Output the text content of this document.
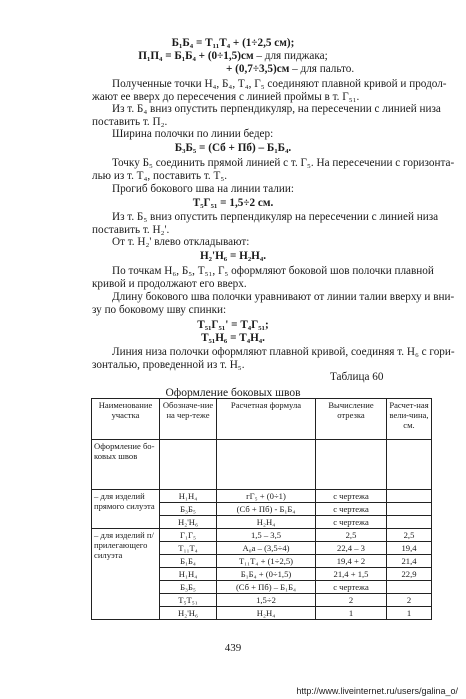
Б₁Б₄ = Т₁₁Т₄ + (1÷2,5 см);
П₁П₄ = Б₁Б₄ + (0÷1,5)см – для пиджака;
+ (0,7÷3,5)см – для пальто.
Полученные точки Н₄, Б₄, Т₄, Г₅ соединяют плавной кривой и продол-
жают ее вверх до пересечения с линией проймы в т. Г₅₁.
Из т. Б₄ вниз опустить перпендикуляр, на пересечении с линией низа
поставить т. П₂.
Ширина полочки по линии бедер:
Б₃Б₅ = (Сб + Пб) – Б₁Б₄.
Точку Б₅ соединить прямой линией с т. Г₅. На пересечении с горизонта-
лью из т. Т₄, поставить т. Т₅.
Прогиб бокового шва на линии талии:
Т₅Г₅₁ = 1,5÷2 см.
Из т. Б₅ вниз опустить перпендикуляр на пересечении с линией низа
поставить т. Н₂'.
От т. Н₂' влево откладывают:
Н₂'Н₆ = Н₂Н₄.
По точкам Н₆, Б₅, Т₅₁, Г₅ оформляют боковой шов полочки плавной
кривой и продолжают его вверх.
Длину бокового шва полочки уравнивают от линии талии вверху и вни-
зу по боковому шву спинки:
Т₅₁Г₅₁' = Т₄Г₅₁;
Т₅₁Н₆ = Т₄Н₄.
Таблица 60
Оформление боковых швов
Наименование участка	Обозначе-ние на чер-теже	Расчетная формула	Вычисление отрезка	Расчет-ная вели-чина, см.
Оформление бо-ковых швов				
– для изделий прямого силуэта	Н₁Н₄	гГ₅ + (0÷1)	с чертежа	
	Б₃Б₅	(Сб + Пб) - Б₁Б₄	с чертежа	
	Н₂'Н₆	Н₂Н₄	с чертежа	
– для изделий п/прилегающего силуэта	Г₁Г₅	1,5 – 3,5	2,5	2,5
	Т₁₁Т₄	А₀а – (3,5÷4)	22,4 – 3	19,4
	Б₁Б₄	Т₁₁Т₄ + (1÷2,5)	19,4 + 2	21,4
	Н₁Н₄	Б₁Б₄ + (0÷1,5)	21,4 + 1,5	22,9
	Б₃Б₅	(Сб + Пб) – Б₁Б₄	с чертежа	
	Т₅Т₅₁	1,5÷2	2	2
	Н₂'Н₆	Н₂Н₄	1	1
439
http://www.liveinternet.ru/users/galina_o/
Линия низа полочки оформляют плавной кривой, соединяя т. Н₆ с гори-
зонталью, проведенной из т. Н₅.
